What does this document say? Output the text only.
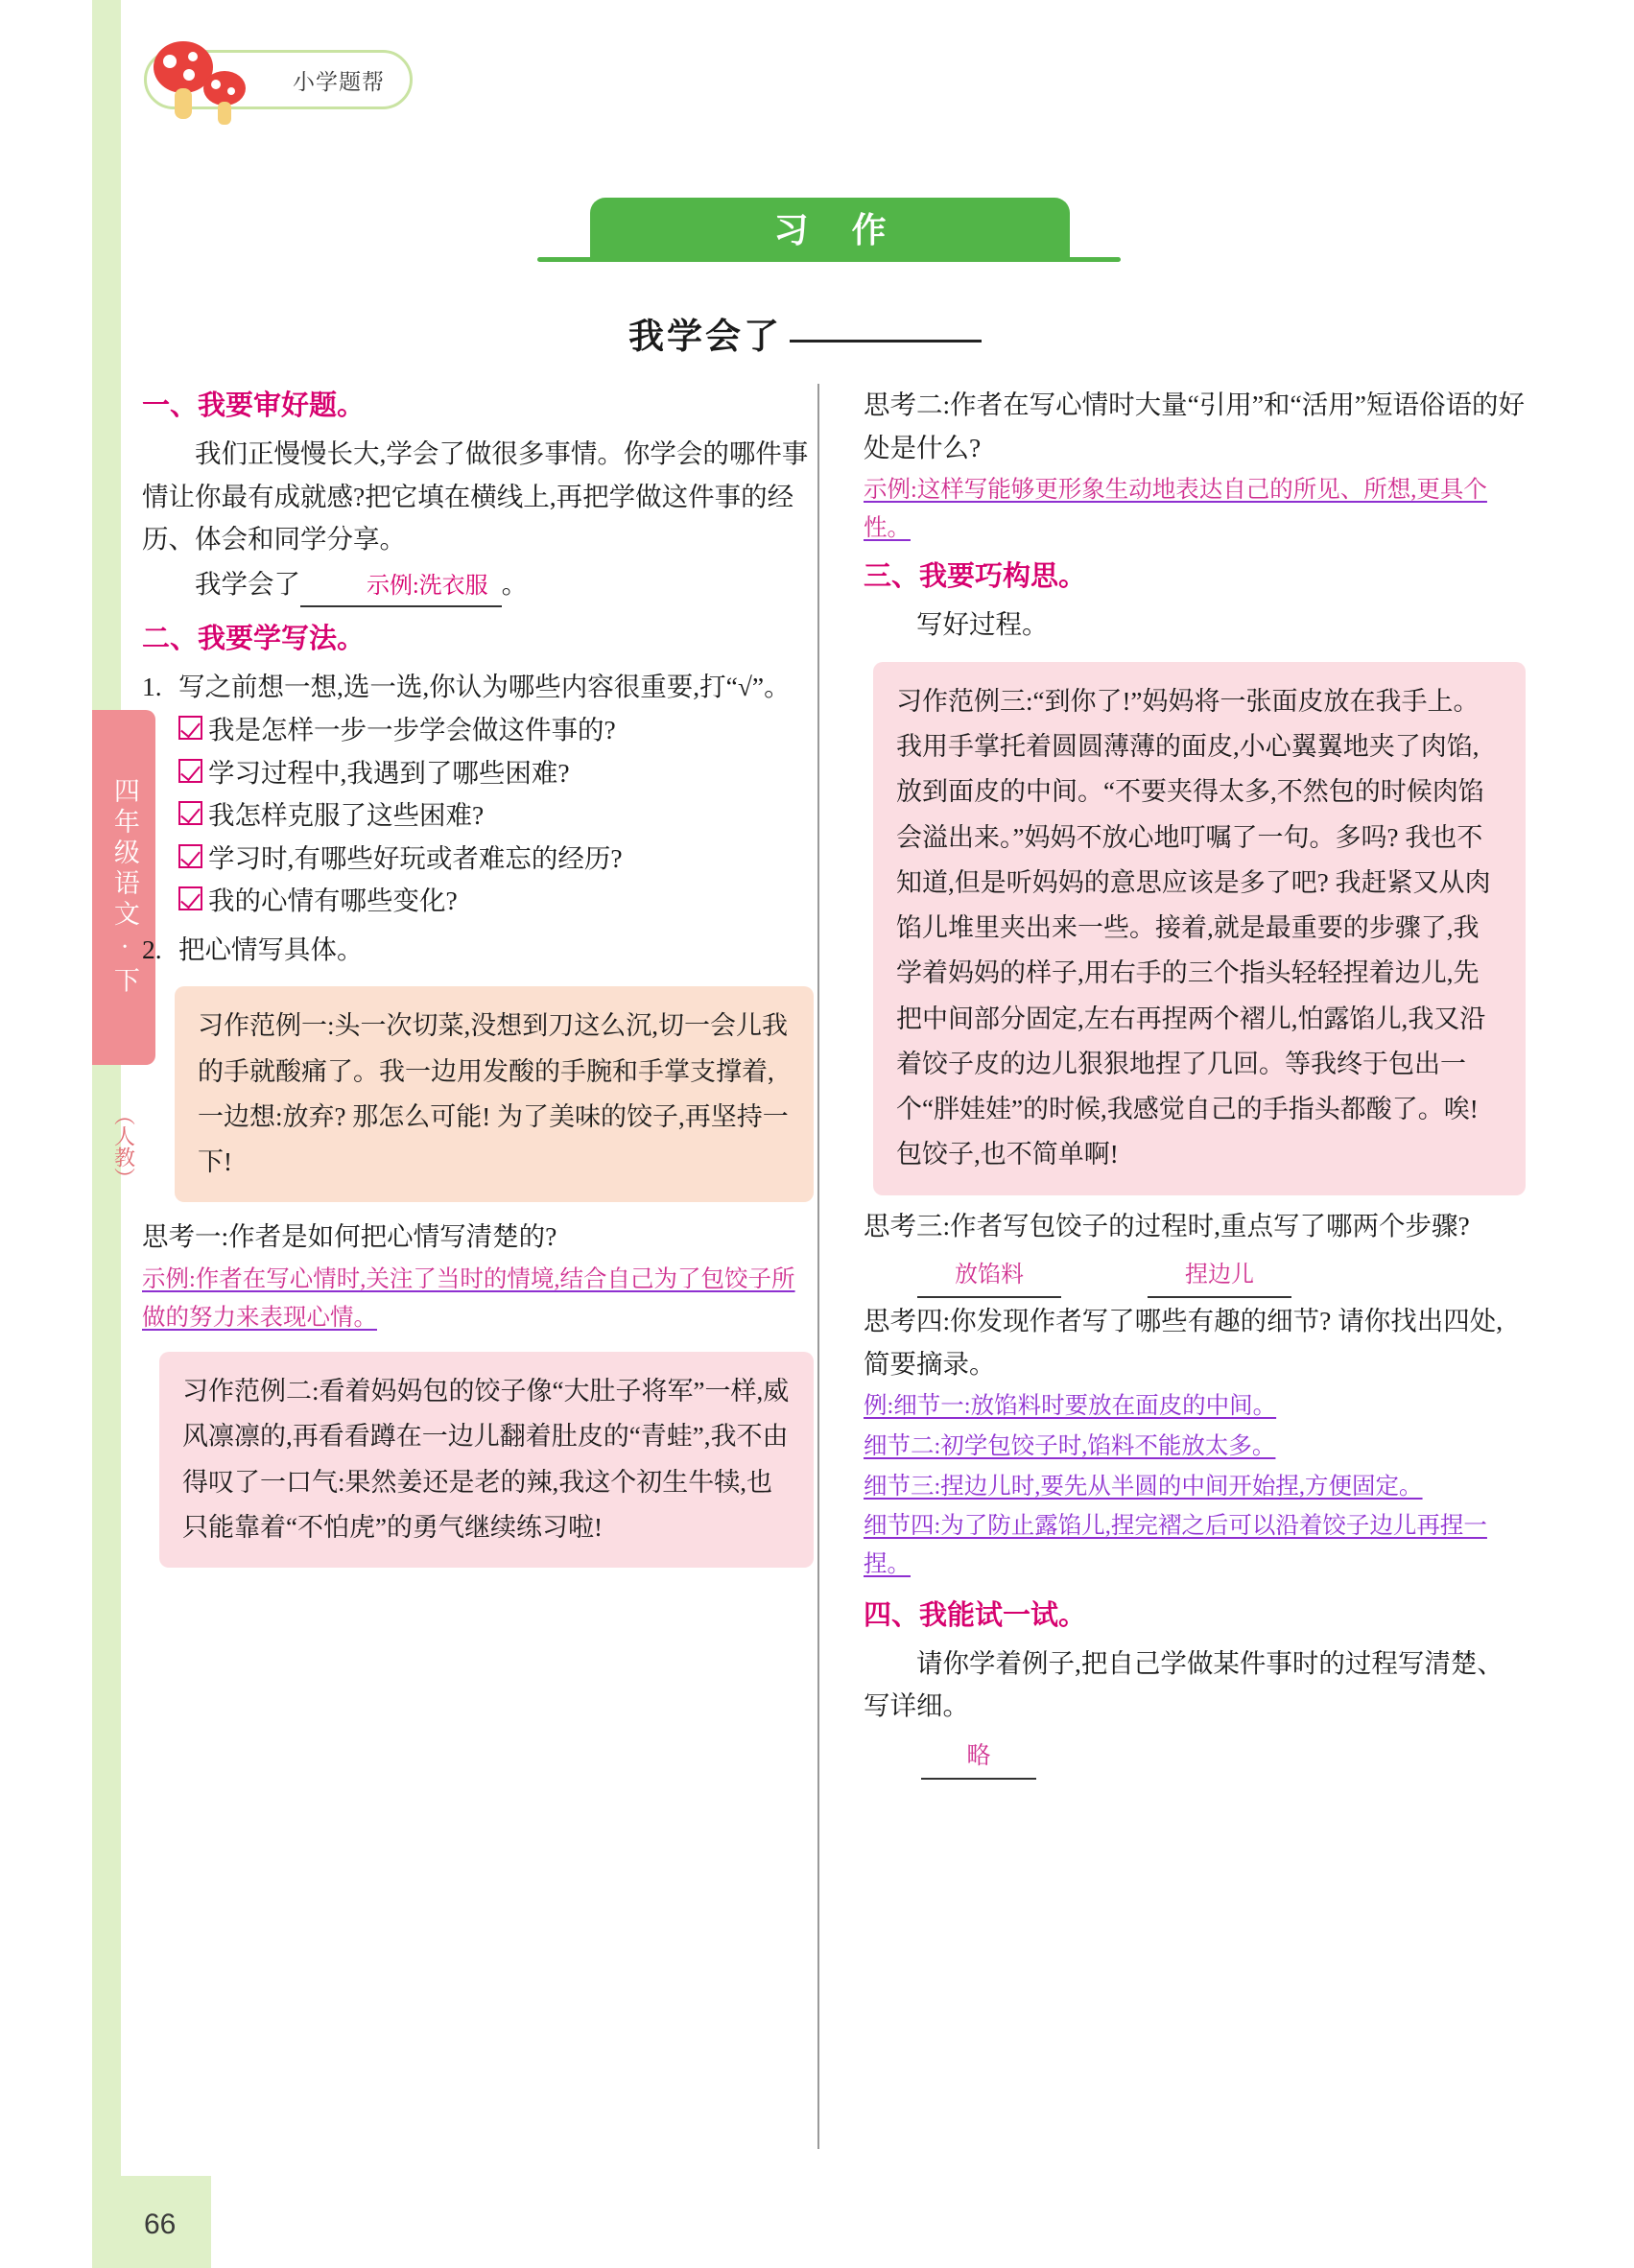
小学题帮
四年级语文 · 下
（人教）
习 作
我学会了

一、我要审好题。

我们正慢慢长大,学会了做很多事情。你学会的哪件事情让你最有成就感?把它填在横线上,再把学做这件事的经历、体会和同学分享。

我学会了	示例:洗衣服 。

二、我要学写法。

1. 写之前想一想,选一选,你认为哪些内容很重要,打“√”。
我是怎样一步一步学会做这件事的?
学习过程中,我遇到了哪些困难?
我怎样克服了这些困难?
学习时,有哪些好玩或者难忘的经历?
我的心情有哪些变化?
2. 把心情写具体。
习作范例一:头一次切菜,没想到刀这么沉,切一会儿我的手就酸痛了。我一边用发酸的手腕和手掌支撑着,一边想:放弃? 那怎么可能! 为了美味的饺子,再坚持一下!

思考一:作者是如何把心情写清楚的?

示例:作者在写心情时,关注了当时的情境,结合自己为了包饺子所做的努力来表现心情。

习作范例二:看着妈妈包的饺子像“大肚子将军”一样,威风凛凛的,再看看蹲在一边儿翻着肚皮的“青蛙”,我不由得叹了一口气:果然姜还是老的辣,我这个初生牛犊,也只能靠着“不怕虎”的勇气继续练习啦!

思考二:作者在写心情时大量“引用”和“活用”短语俗语的好处是什么?

示例:这样写能够更形象生动地表达自己的所见、所想,更具个性。

三、我要巧构思。

写好过程。

习作范例三:“到你了!”妈妈将一张面皮放在我手上。我用手掌托着圆圆薄薄的面皮,小心翼翼地夹了肉馅,放到面皮的中间。“不要夹得太多,不然包的时候肉馅会溢出来。”妈妈不放心地叮嘱了一句。多吗? 我也不知道,但是听妈妈的意思应该是多了吧? 我赶紧又从肉馅儿堆里夹出来一些。接着,就是最重要的步骤了,我学着妈妈的样子,用右手的三个指头轻轻捏着边儿,先把中间部分固定,左右再捏两个褶儿,怕露馅儿,我又沿着饺子皮的边儿狠狠地捏了几回。等我终于包出一个“胖娃娃”的时候,我感觉自己的手指头都酸了。唉! 包饺子,也不简单啊!

思考三:作者写包饺子的过程时,重点写了哪两个步骤?

放馅料	捏边儿

思考四:你发现作者写了哪些有趣的细节? 请你找出四处,简要摘录。

例:细节一:放馅料时要放在面皮的中间。

细节二:初学包饺子时,馅料不能放太多。

细节三:捏边儿时,要先从半圆的中间开始捏,方便固定。

细节四:为了防止露馅儿,捏完褶之后可以沿着饺子边儿再捏一捏。

四、我能试一试。

请你学着例子,把自己学做某件事时的过程写清楚、写详细。

略
66
